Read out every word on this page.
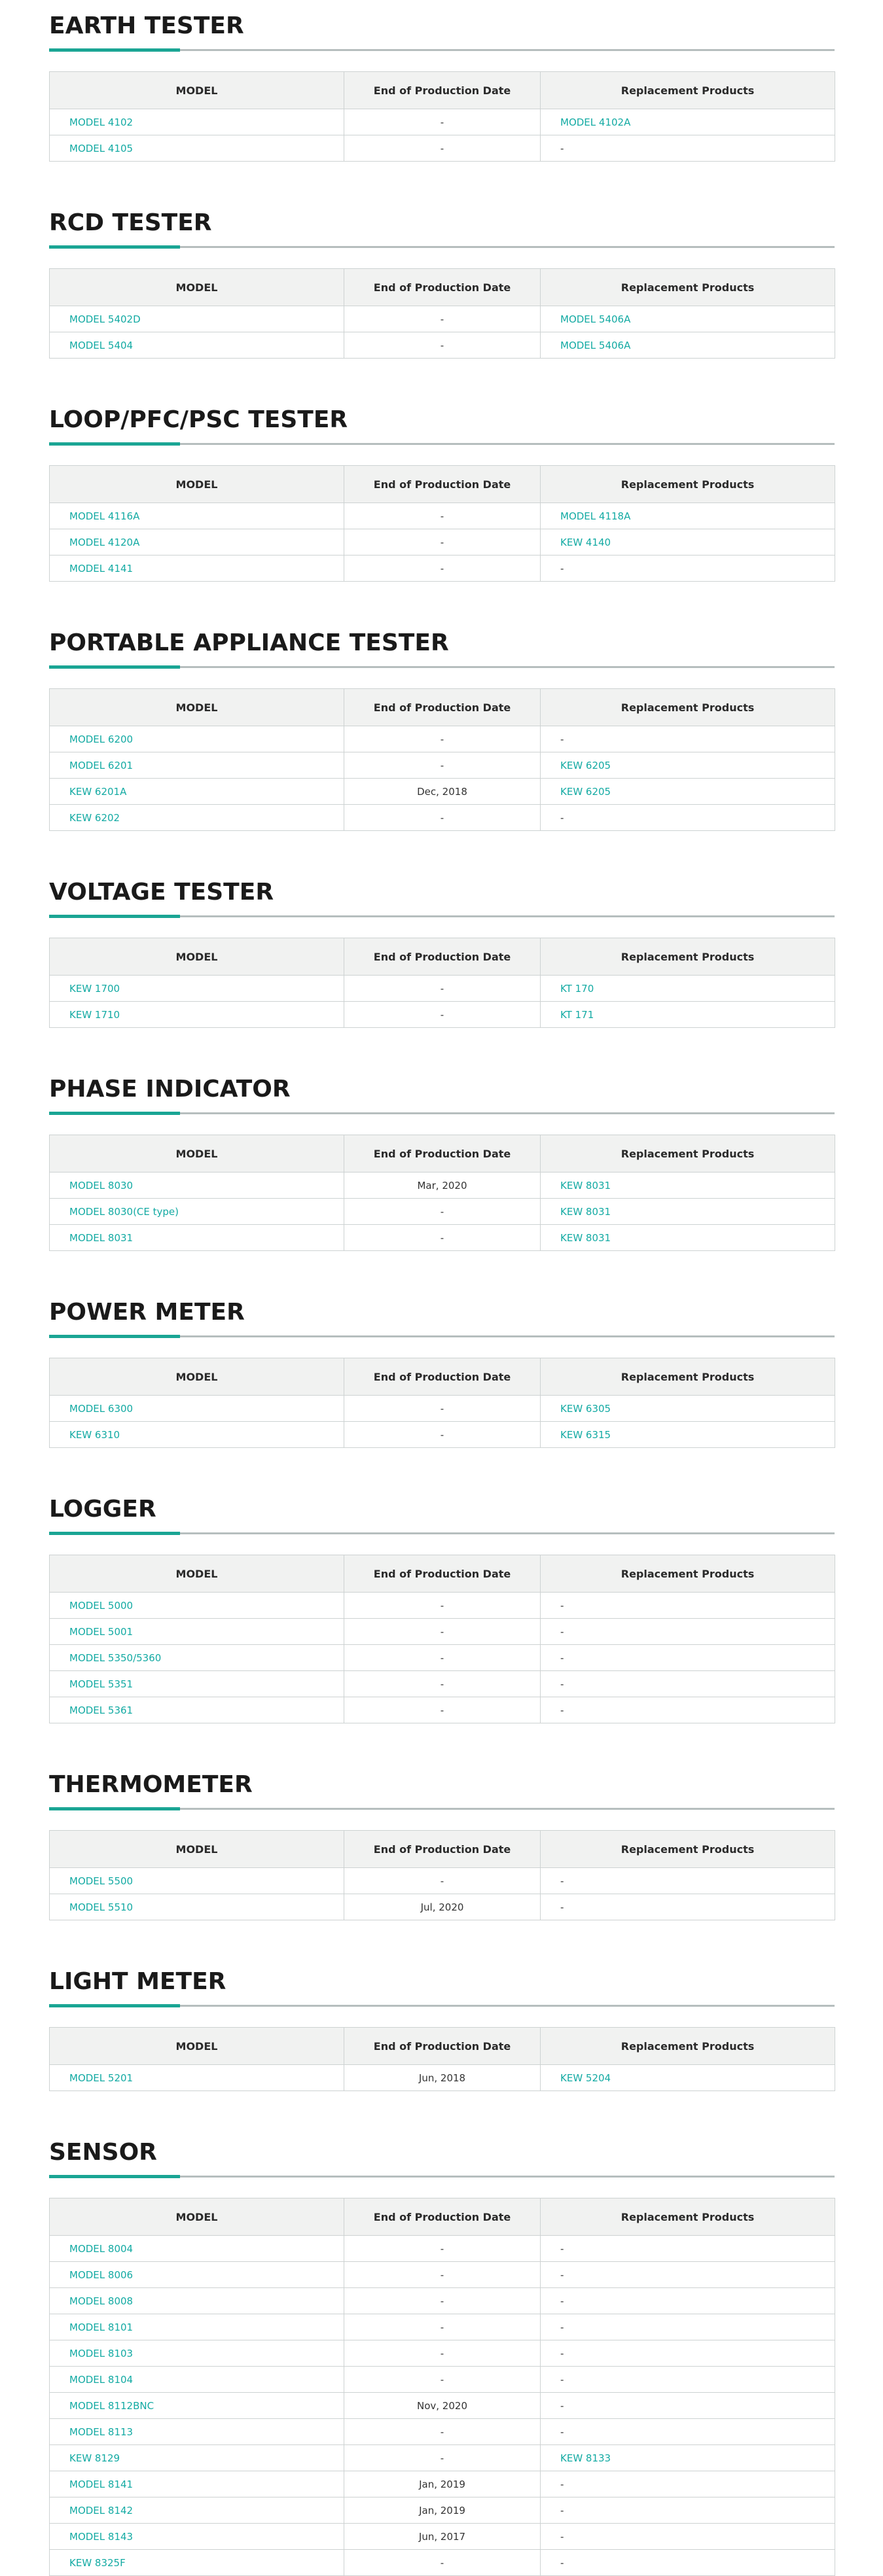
EARTH TESTER
MODEL	End of Production Date	Replacement Products
MODEL 4102	-	MODEL 4102A
MODEL 4105	-	-
RCD TESTER
MODEL	End of Production Date	Replacement Products
MODEL 5402D	-	MODEL 5406A
MODEL 5404	-	MODEL 5406A
LOOP/PFC/PSC TESTER
MODEL	End of Production Date	Replacement Products
MODEL 4116A	-	MODEL 4118A
MODEL 4120A	-	KEW 4140
MODEL 4141	-	-
PORTABLE APPLIANCE TESTER
MODEL	End of Production Date	Replacement Products
MODEL 6200	-	-
MODEL 6201	-	KEW 6205
KEW 6201A	Dec, 2018	KEW 6205
KEW 6202	-	-
VOLTAGE TESTER
MODEL	End of Production Date	Replacement Products
KEW 1700	-	KT 170
KEW 1710	-	KT 171
PHASE INDICATOR
MODEL	End of Production Date	Replacement Products
MODEL 8030	Mar, 2020	KEW 8031
MODEL 8030(CE type)	-	KEW 8031
MODEL 8031	-	KEW 8031
POWER METER
MODEL	End of Production Date	Replacement Products
MODEL 6300	-	KEW 6305
KEW 6310	-	KEW 6315
LOGGER
MODEL	End of Production Date	Replacement Products
MODEL 5000	-	-
MODEL 5001	-	-
MODEL 5350/5360	-	-
MODEL 5351	-	-
MODEL 5361	-	-
THERMOMETER
MODEL	End of Production Date	Replacement Products
MODEL 5500	-	-
MODEL 5510	Jul, 2020	-
LIGHT METER
MODEL	End of Production Date	Replacement Products
MODEL 5201	Jun, 2018	KEW 5204
SENSOR
MODEL	End of Production Date	Replacement Products
MODEL 8004	-	-
MODEL 8006	-	-
MODEL 8008	-	-
MODEL 8101	-	-
MODEL 8103	-	-
MODEL 8104	-	-
MODEL 8112BNC	Nov, 2020	-
MODEL 8113	-	-
KEW 8129	-	KEW 8133
MODEL 8141	Jan, 2019	-
MODEL 8142	Jan, 2019	-
MODEL 8143	Jun, 2017	-
KEW 8325F	-	-
